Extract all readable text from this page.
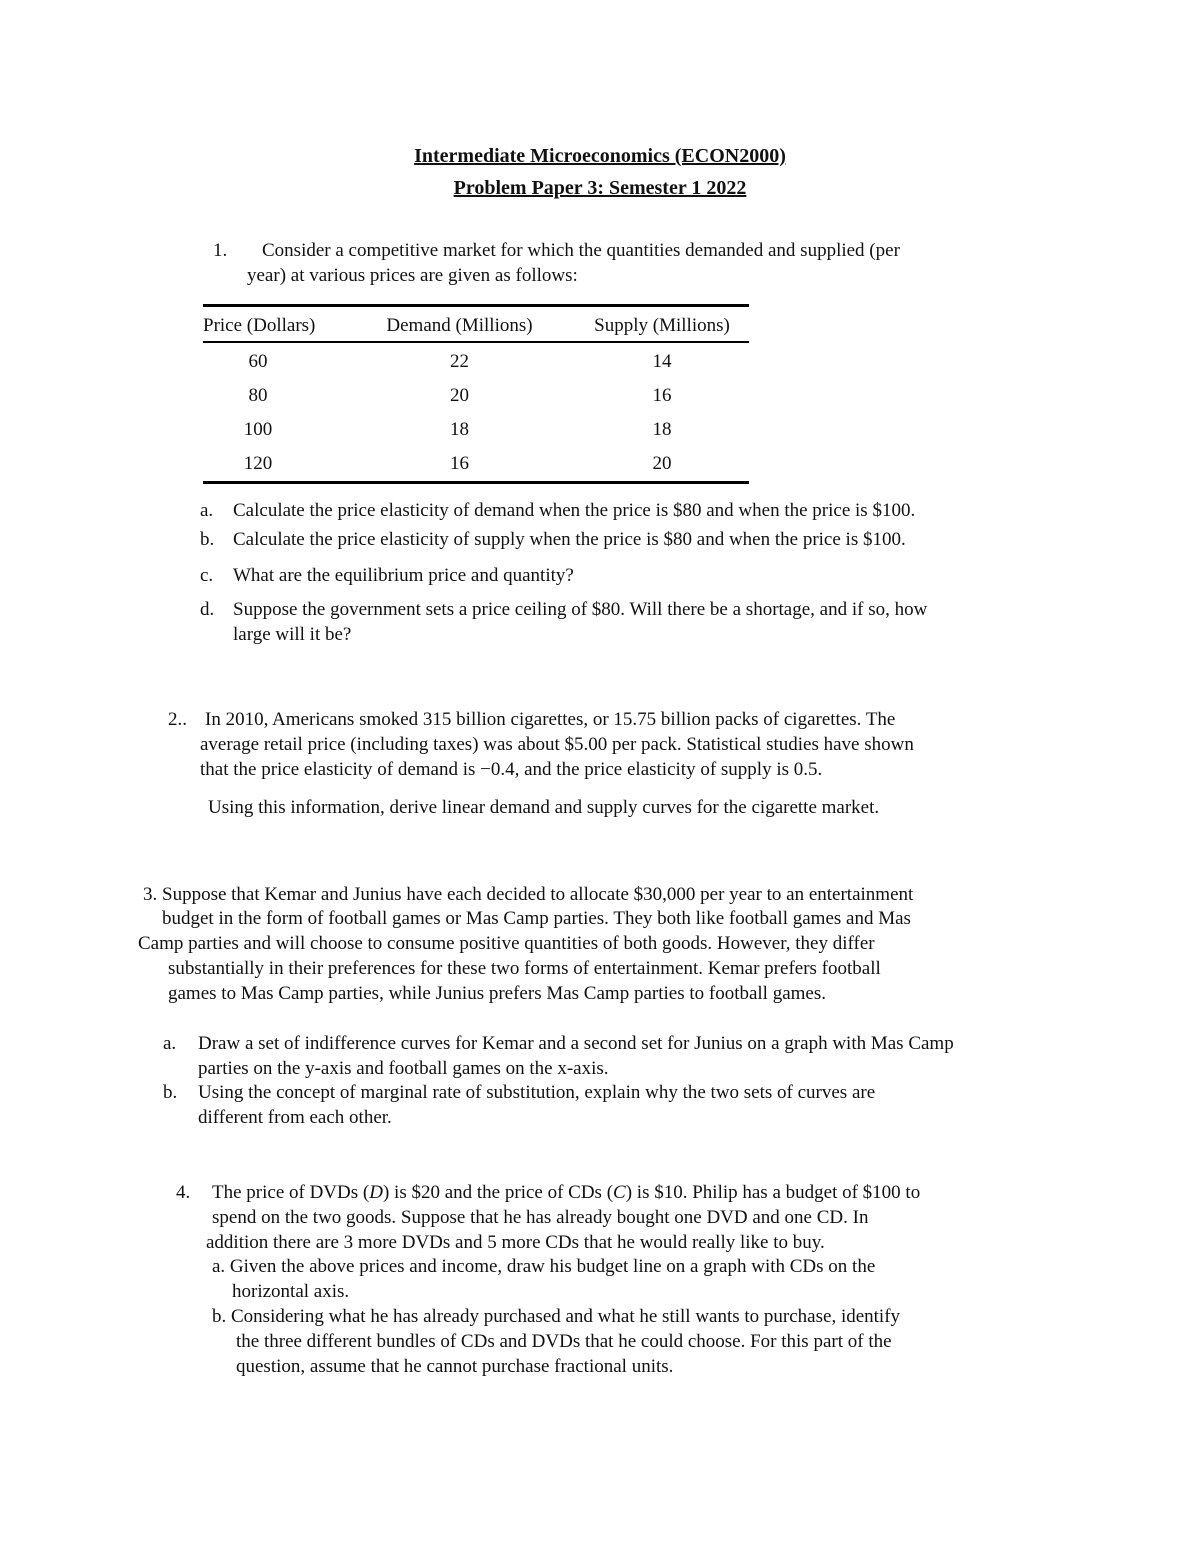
Intermediate Microeconomics (ECON2000)
Problem Paper 3: Semester 1 2022
1. Consider a competitive market for which the quantities demanded and supplied (per
year) at various prices are given as follows:
Price (Dollars)	Demand (Millions)	Supply (Millions)
60	22	14
80	20	16
100	18	18
120	16	20
a. Calculate the price elasticity of demand when the price is $80 and when the price is $100.
b. Calculate the price elasticity of supply when the price is $80 and when the price is $100.
c. What are the equilibrium price and quantity?
d. Suppose the government sets a price ceiling of $80. Will there be a shortage, and if so, how
large will it be?
2.. In 2010, Americans smoked 315 billion cigarettes, or 15.75 billion packs of cigarettes. The
average retail price (including taxes) was about $5.00 per pack. Statistical studies have shown
that the price elasticity of demand is −0.4, and the price elasticity of supply is 0.5.
Using this information, derive linear demand and supply curves for the cigarette market.
3. Suppose that Kemar and Junius have each decided to allocate $30,000 per year to an entertainment
budget in the form of football games or Mas Camp parties. They both like football games and Mas
Camp parties and will choose to consume positive quantities of both goods. However, they differ
substantially in their preferences for these two forms of entertainment. Kemar prefers football
games to Mas Camp parties, while Junius prefers Mas Camp parties to football games.
a. Draw a set of indifference curves for Kemar and a second set for Junius on a graph with Mas Camp
parties on the y-axis and football games on the x-axis.
b. Using the concept of marginal rate of substitution, explain why the two sets of curves are
different from each other.
4. The price of DVDs (D) is $20 and the price of CDs (C) is $10. Philip has a budget of $100 to
spend on the two goods. Suppose that he has already bought one DVD and one CD. In
addition there are 3 more DVDs and 5 more CDs that he would really like to buy.
a. Given the above prices and income, draw his budget line on a graph with CDs on the
horizontal axis.
b. Considering what he has already purchased and what he still wants to purchase, identify
the three different bundles of CDs and DVDs that he could choose. For this part of the
question, assume that he cannot purchase fractional units.
